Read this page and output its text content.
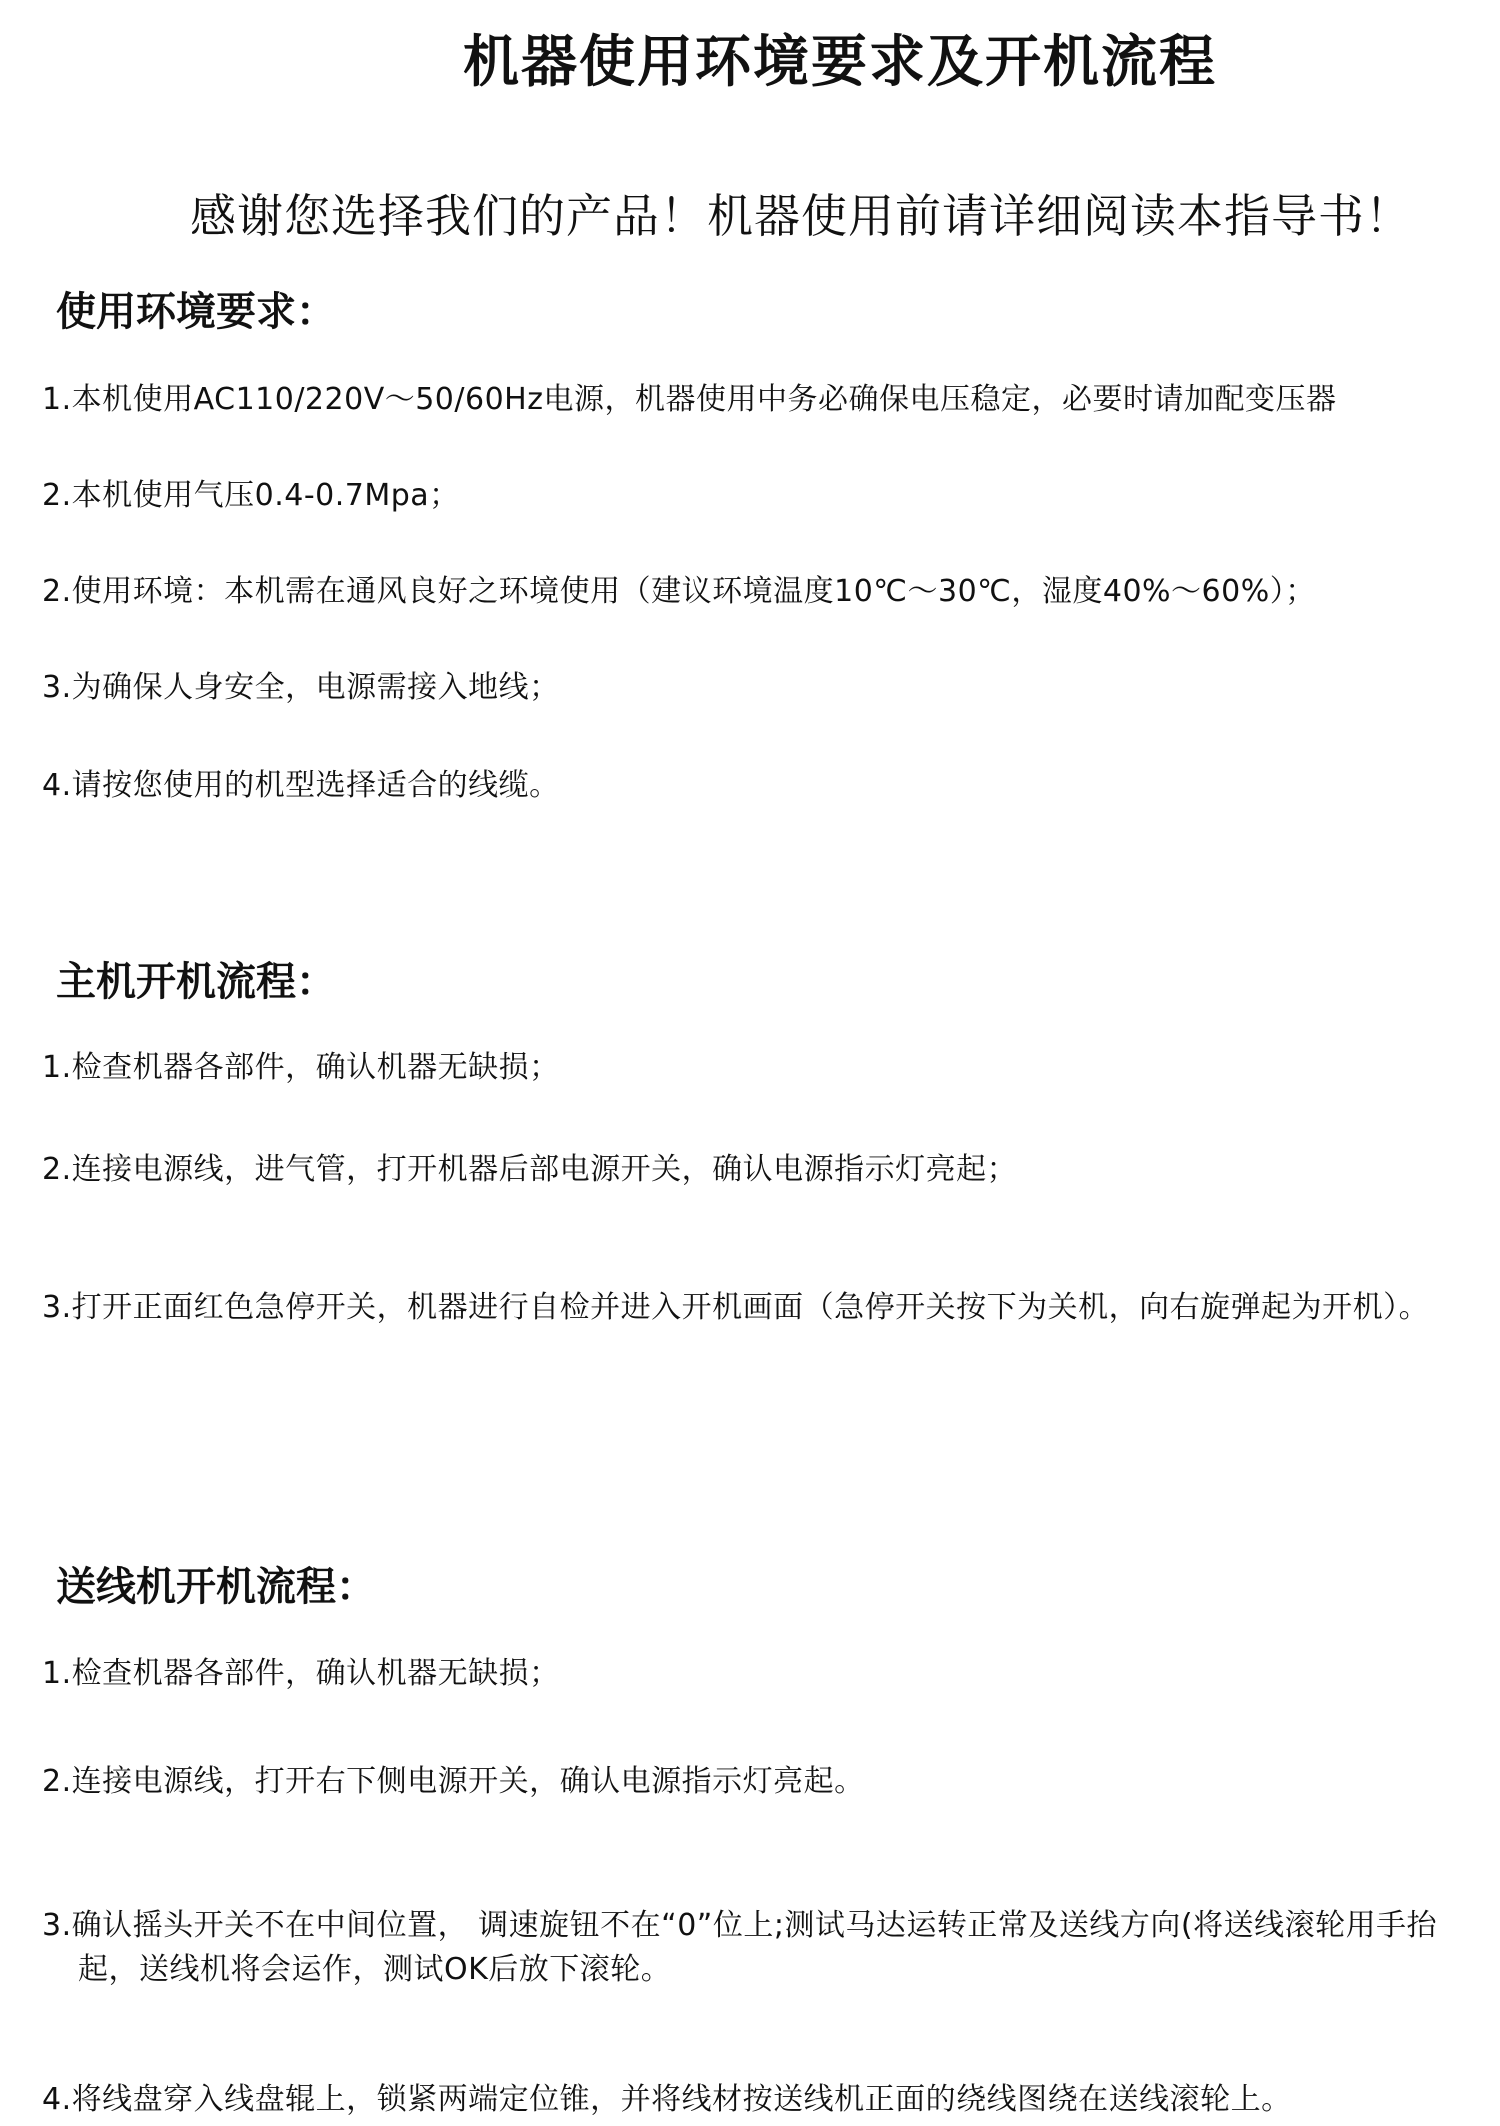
机器使用环境要求及开机流程
感谢您选择我们的产品！机器使用前请详细阅读本指导书！
使用环境要求：
1.本机使用AC110/220V～50/60Hz电源，机器使用中务必确保电压稳定，必要时请加配变压器
2.本机使用气压0.4-0.7Mpa；
2.使用环境：本机需在通风良好之环境使用（建议环境温度10℃～30℃，湿度40%～60%）；
3.为确保人身安全，电源需接入地线；
4.请按您使用的机型选择适合的线缆。
主机开机流程：
1.检查机器各部件，确认机器无缺损；
2.连接电源线，进气管，打开机器后部电源开关，确认电源指示灯亮起；
3.打开正面红色急停开关，机器进行自检并进入开机画面（急停开关按下为关机，向右旋弹起为开机）。
送线机开机流程：
1.检查机器各部件，确认机器无缺损；
2.连接电源线，打开右下侧电源开关，确认电源指示灯亮起。
3.确认摇头开关不在中间位置， 调速旋钮不在“0”位上;测试马达运转正常及送线方向(将送线滚轮用手抬起，送线机将会运作，测试OK后放下滚轮。
4.将线盘穿入线盘辊上，锁紧两端定位锥，并将线材按送线机正面的绕线图绕在送线滚轮上。
